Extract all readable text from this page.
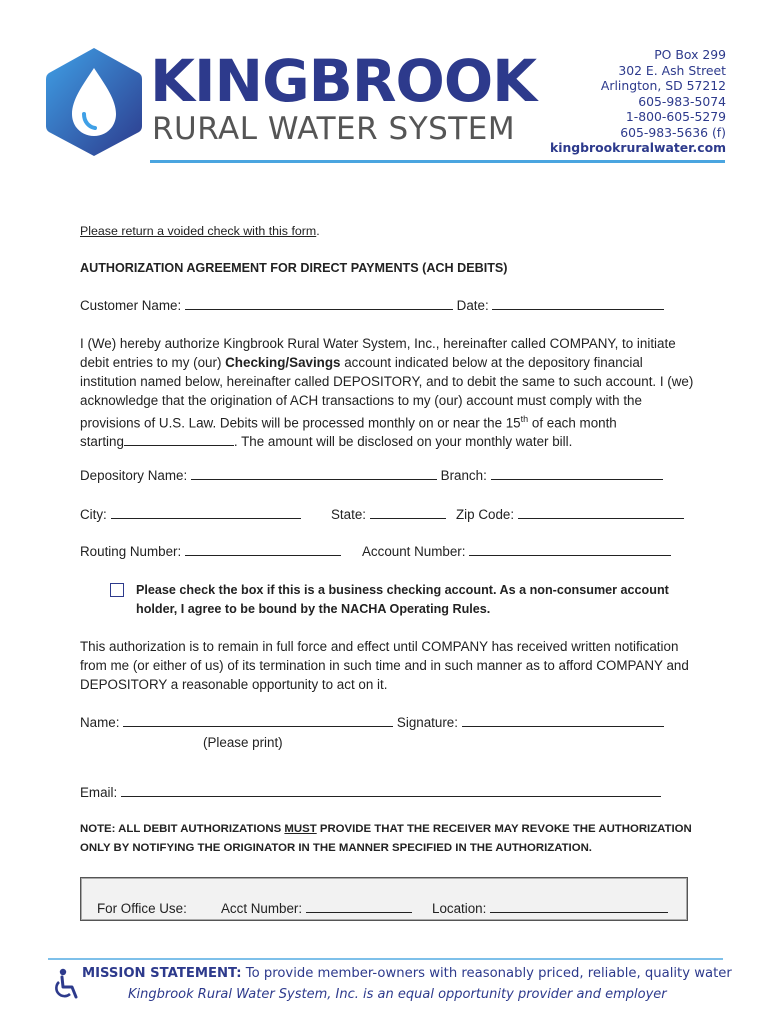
KINGBROOK
RURAL WATER SYSTEM
PO Box 299
302 E. Ash Street
Arlington, SD 57212
605-983-5074
1-800-605-5279
605-983-5636 (f)
kingbrookruralwater.com
Please return a voided check with this form.
AUTHORIZATION AGREEMENT FOR DIRECT PAYMENTS (ACH DEBITS)
Customer Name:	Date:
I (We) hereby authorize Kingbrook Rural Water System, Inc., hereinafter called COMPANY, to initiate
debit entries to my (our) Checking/Savings account indicated below at the depository financial
institution named below, hereinafter called DEPOSITORY, and to debit the same to such account. I (we)
acknowledge that the origination of ACH transactions to my (our) account must comply with the
provisions of U.S. Law. Debits will be processed monthly on or near the 15th of each month
starting	. The amount will be disclosed on your monthly water bill.
Depository Name:	Branch:
City:	State:	Zip Code:
Routing Number:	Account Number:
Please check the box if this is a business checking account. As a non-consumer account
holder, I agree to be bound by the NACHA Operating Rules.
This authorization is to remain in full force and effect until COMPANY has received written notification
from me (or either of us) of its termination in such time and in such manner as to afford COMPANY and
DEPOSITORY a reasonable opportunity to act on it.
Name:	Signature:
(Please print)
Email:
NOTE: ALL DEBIT AUTHORIZATIONS MUST PROVIDE THAT THE RECEIVER MAY REVOKE THE AUTHORIZATION
ONLY BY NOTIFYING THE ORIGINATOR IN THE MANNER SPECIFIED IN THE AUTHORIZATION.
For Office Use:	Acct Number:	Location:
MISSION STATEMENT: To provide member-owners with reasonably priced, reliable, quality water
Kingbrook Rural Water System, Inc. is an equal opportunity provider and employer
